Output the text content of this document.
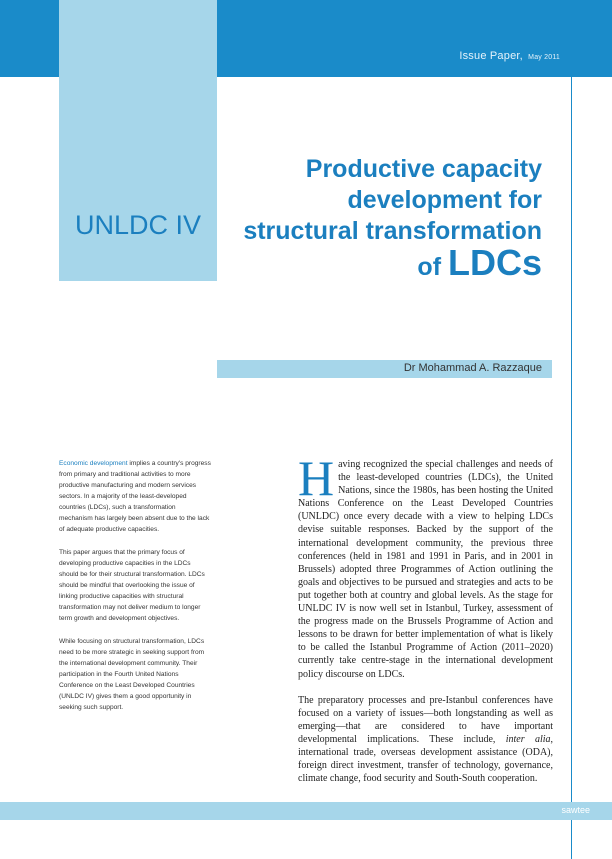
Issue Paper, May 2011
UNLDC IV
Productive capacity
development for
structural transformation
of LDCs
Dr Mohammad A. Razzaque

Economic development implies a country's progress from primary and traditional activities to more productive manufacturing and modern services sectors. In a majority of the least-developed countries (LDCs), such a transformation mechanism has largely been absent due to the lack of adequate productive capacities.

This paper argues that the primary focus of developing productive capacities in the LDCs should be for their structural transformation. LDCs should be mindful that overlooking the issue of linking productive capacities with structural transformation may not deliver medium to longer term growth and development objectives.

While focusing on structural transformation, LDCs need to be more strategic in seeking support from the international development community. Their participation in the Fourth United Nations Conference on the Least Developed Countries (UNLDC IV) gives them a good opportunity in seeking such support.

Having recognized the special challenges and needs of the least-developed countries (LDCs), the United Nations, since the 1980s, has been hosting the United Nations Conference on the Least Developed Countries (UNLDC) once every decade with a view to helping LDCs devise suitable responses. Backed by the support of the international development community, the previous three conferences (held in 1981 and 1991 in Paris, and in 2001 in Brussels) adopted three Programmes of Action outlining the goals and objectives to be pursued and strategies and acts to be put together both at country and global levels. As the stage for UNLDC IV is now well set in Istanbul, Turkey, assessment of the progress made on the Brussels Programme of Action and lessons to be drawn for better implementation of what is likely to be called the Istanbul Programme of Action (2011–2020) currently take centre-stage in the international development policy discourse on LDCs.

The preparatory processes and pre-Istanbul conferences have focused on a variety of issues—both longstanding as well as emerging—that are considered to have important developmental implications. These include, inter alia, international trade, overseas development assistance (ODA), foreign direct investment, transfer of technology, governance, climate change, food security and South-South cooperation.

sawtee
